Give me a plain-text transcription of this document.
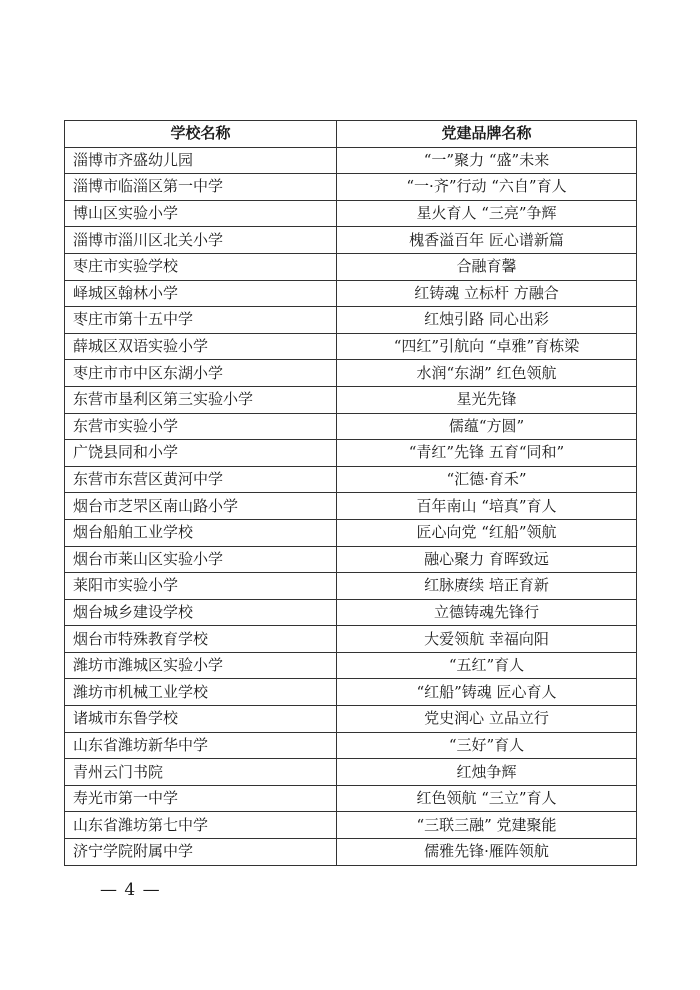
学校名称	党建品牌名称
淄博市齐盛幼儿园	“一”聚力 “盛”未来
淄博市临淄区第一中学	“一·齐”行动 “六自”育人
博山区实验小学	星火育人 “三亮”争辉
淄博市淄川区北关小学	槐香溢百年 匠心谱新篇
枣庄市实验学校	合融育馨
峄城区翰林小学	红铸魂 立标杆 方融合
枣庄市第十五中学	红烛引路 同心出彩
薛城区双语实验小学	“四红”引航向 “卓雅”育栋梁
枣庄市市中区东湖小学	水润“东湖” 红色领航
东营市垦利区第三实验小学	星光先锋
东营市实验小学	儒蕴“方圆”
广饶县同和小学	“青红”先锋 五育“同和”
东营市东营区黄河中学	“汇德·育禾”
烟台市芝罘区南山路小学	百年南山 “培真”育人
烟台船舶工业学校	匠心向党 “红船”领航
烟台市莱山区实验小学	融心聚力 育晖致远
莱阳市实验小学	红脉赓续 培正育新
烟台城乡建设学校	立德铸魂先锋行
烟台市特殊教育学校	大爱领航 幸福向阳
潍坊市潍城区实验小学	“五红”育人
潍坊市机械工业学校	“红船”铸魂 匠心育人
诸城市东鲁学校	党史润心 立品立行
山东省潍坊新华中学	“三好”育人
青州云门书院	红烛争辉
寿光市第一中学	红色领航 “三立”育人
山东省潍坊第七中学	“三联三融” 党建聚能
济宁学院附属中学	儒雅先锋·雁阵领航
— 4 —
